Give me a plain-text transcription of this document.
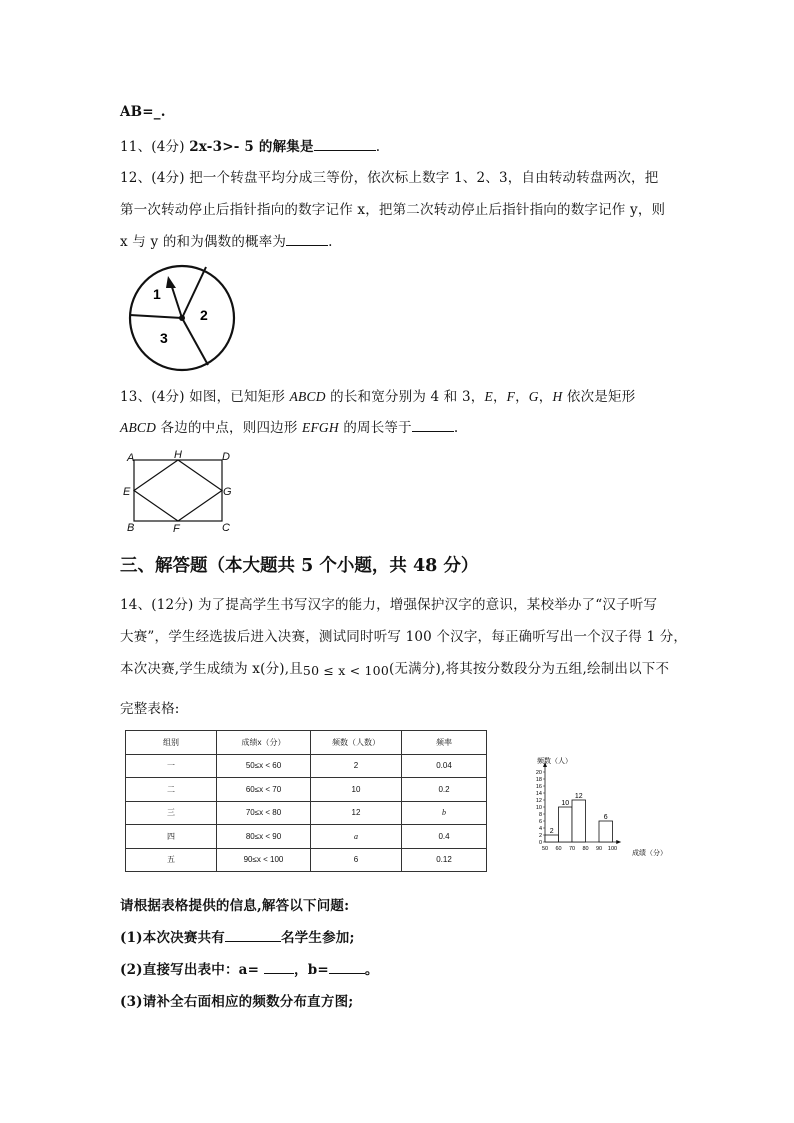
AB=_.
11、(4分) 2x-3>- 5 的解集是	.
12、(4分) 把一个转盘平均分成三等份，依次标上数字 1、2、3，自由转动转盘两次，把
第一次转动停止后指针指向的数字记作 x，把第二次转动停止后指针指向的数字记作 y，则
x 与 y 的和为偶数的概率为	.
1
2
3
13、(4分) 如图，已知矩形 ABCD 的长和宽分别为 4 和 3，E，F，G，H 依次是矩形
ABCD 各边的中点，则四边形 EFGH 的周长等于	.
A	H	D
E	G
B	F	C
三、解答题（本大题共 5 个小题，共 48 分）
14、(12分) 为了提高学生书写汉字的能力，增强保护汉字的意识，某校举办了“汉子听写
大赛”，学生经选拔后进入决赛，测试同时听写 100 个汉字，每正确听写出一个汉子得 1 分，
本次决赛,学生成绩为 x(分),且50 ≤ x < 100(无满分),将其按分数段分为五组,绘制出以下不
完整表格:
组别	成绩x（分）	频数（人数）	频率
一	50≤x < 60	2	0.04
二	60≤x < 70	10	0.2
三	70≤x < 80	12	b
四	80≤x < 90	a	0.4
五	90≤x < 100	6	0.12
0
2
4
6
8
10
12
14
16
18
20
50 60 70 80 90 100
2
10
12
6
频数（人）
成绩（分）
请根据表格提供的信息,解答以下问题:
(1)本次决赛共有	名学生参加;
(2)直接写出表中：a= ，b=	。
(3)请补全右面相应的频数分布直方图;
